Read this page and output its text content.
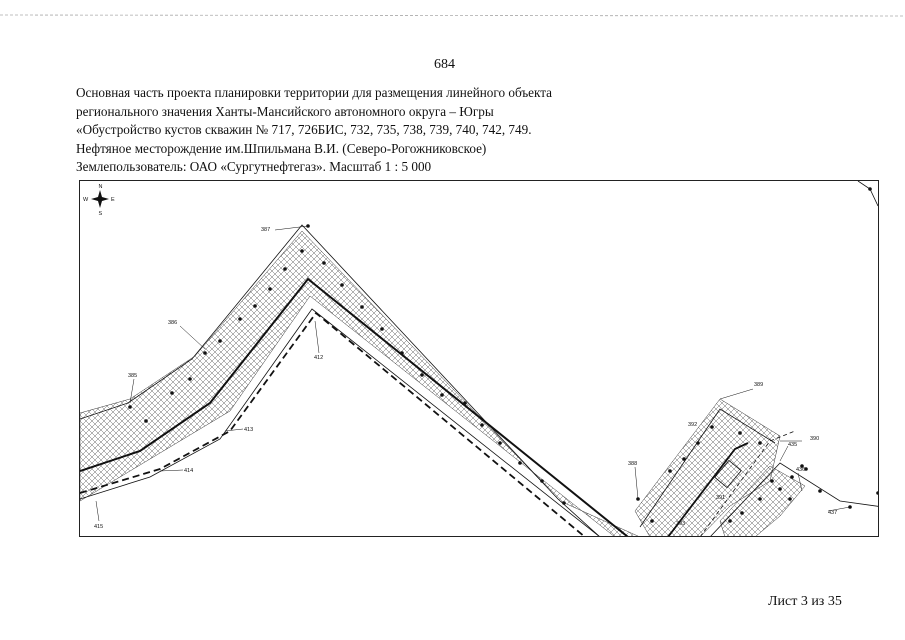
684
Основная часть проекта планировки территории для размещения линейного объекта
регионального значения Ханты-Мансийского автономного округа – Югры
«Обустройство кустов скважин № 717, 726БИС, 732, 735, 738, 739, 740, 742, 749.
Нефтяное месторождение им.Шпильмана В.И. (Северо-Рогожниковское)
Землепользователь: ОАО «Сургутнефтегаз». Масштаб 1 : 5 000
N
S
W	E
387
386
385
412
413
414
415
389
392
388
390
435
436
391
393
437
Лист 3 из 35
